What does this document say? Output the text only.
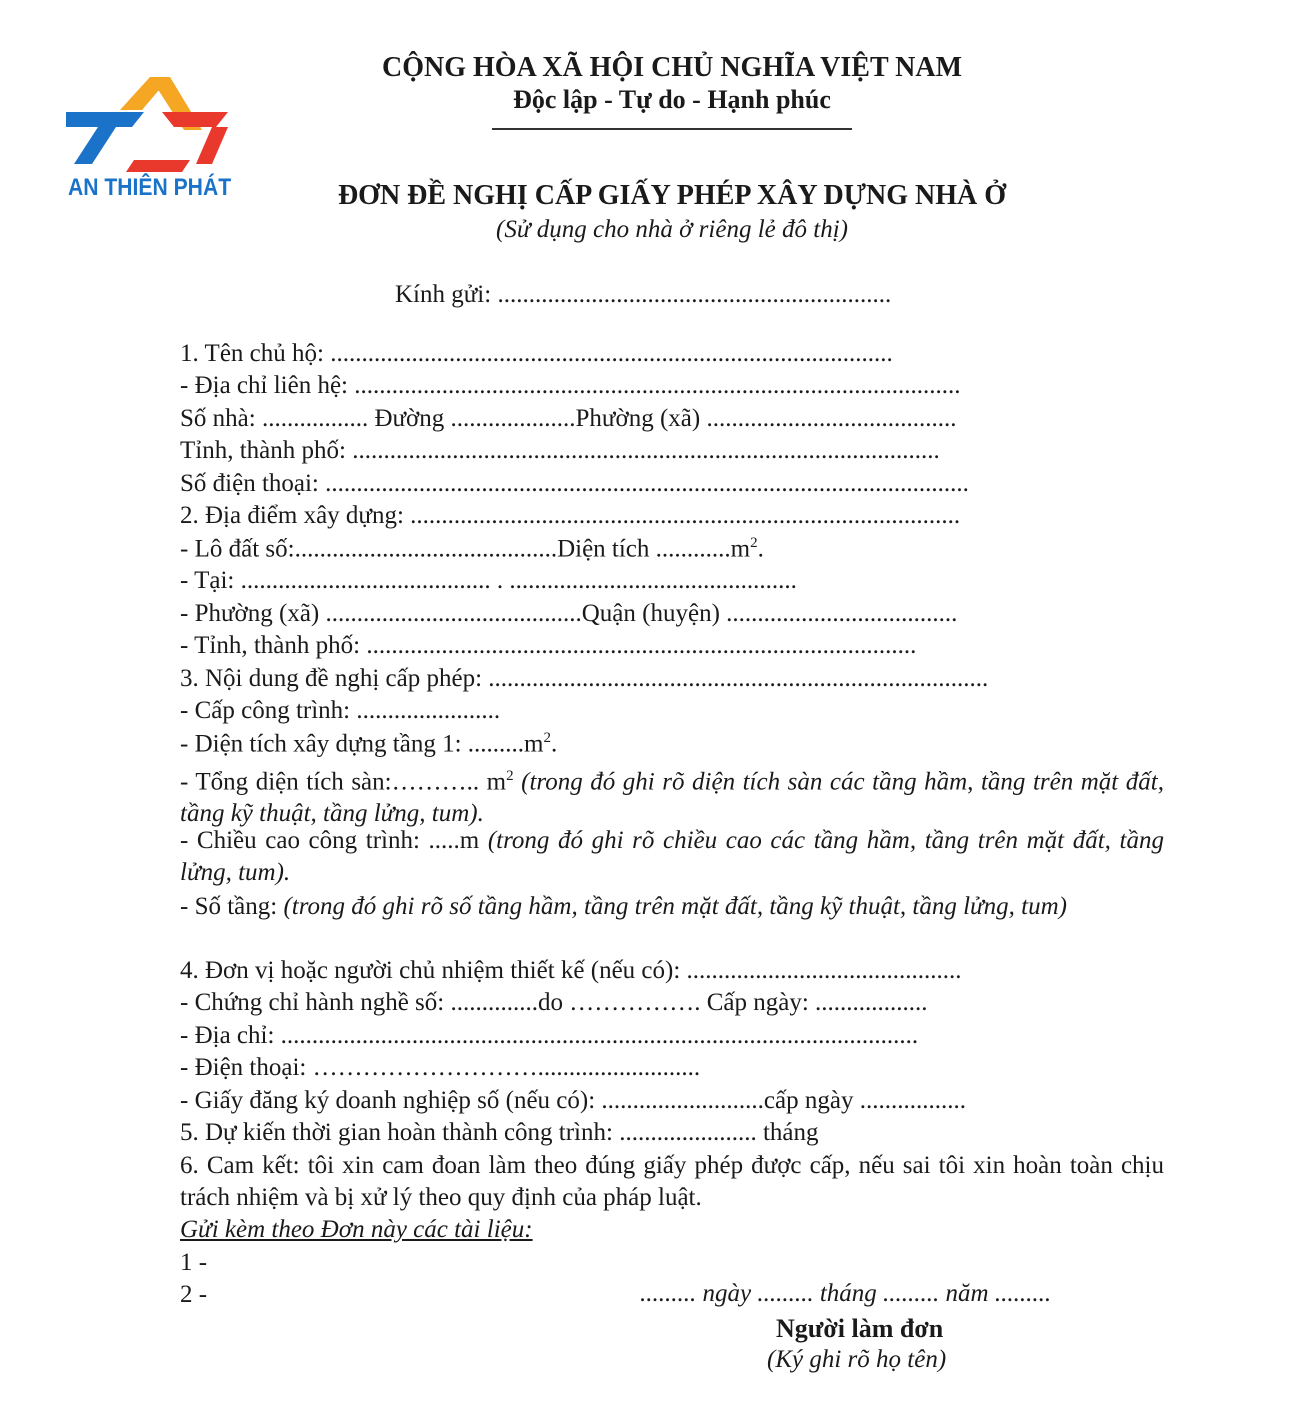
AN THIÊN PHÁT
CỘNG HÒA XÃ HỘI CHỦ NGHĨA VIỆT NAM
Độc lập - Tự do - Hạnh phúc
ĐƠN ĐỀ NGHỊ CẤP GIẤY PHÉP XÂY DỰNG NHÀ Ở
(Sử dụng cho nhà ở riêng lẻ đô thị)
Kính gửi: ...............................................................
1. Tên chủ hộ: ..........................................................................................
- Địa chỉ liên hệ: .................................................................................................
Số nhà: ................. Đường ....................Phường (xã) ........................................
Tỉnh, thành phố: ..............................................................................................
Số điện thoại: .......................................................................................................
2. Địa điểm xây dựng: ........................................................................................
- Lô đất số:..........................................Diện tích $............m^2$.
- Tại: ........................................ . ..............................................
- Phường (xã) .........................................Quận (huyện) .....................................
- Tỉnh, thành phố: ........................................................................................
3. Nội dung đề nghị cấp phép: ................................................................................
- Cấp công trình: .......................
- Diện tích xây dựng tầng 1: $.........m^2$.
- Tổng diện tích sàn:……….. $m^2$ (trong đó ghi rõ diện tích sàn các tầng hầm, tầng trên mặt đất, tầng kỹ thuật, tầng lửng, tum).
- Chiều cao công trình: .....m (trong đó ghi rõ chiều cao các tầng hầm, tầng trên mặt đất, tầng lửng, tum).
- Số tầng: (trong đó ghi rõ số tầng hầm, tầng trên mặt đất, tầng kỹ thuật, tầng lửng, tum)
4. Đơn vị hoặc người chủ nhiệm thiết kế (nếu có): ............................................
- Chứng chỉ hành nghề số: ..............do ……………. Cấp ngày: ..................
- Địa chỉ: ......................................................................................................
- Điện thoại: ………………………..........................
- Giấy đăng ký doanh nghiệp số (nếu có): ..........................cấp ngày .................
5. Dự kiến thời gian hoàn thành công trình: ...................... tháng
6. Cam kết: tôi xin cam đoan làm theo đúng giấy phép được cấp, nếu sai tôi xin hoàn toàn chịu trách nhiệm và bị xử lý theo quy định của pháp luật.
Gửi kèm theo Đơn này các tài liệu:
1 -
2 -	......... ngày ......... tháng ......... năm .........
Người làm đơn
(Ký ghi rõ họ tên)
